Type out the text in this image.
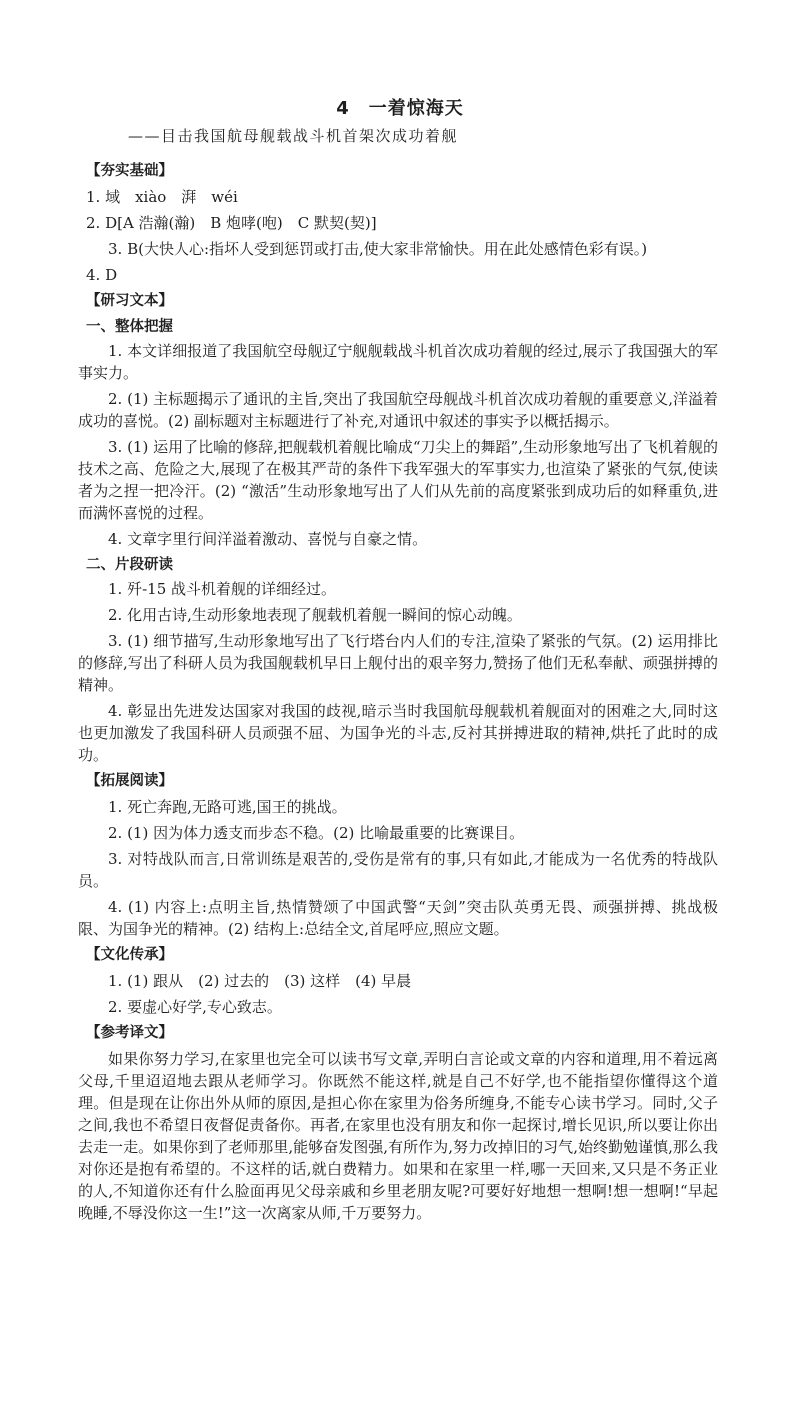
4　一着惊海天
——目击我国航母舰载战斗机首架次成功着舰
【夯实基础】
1. 域　xiào　湃　wéi
2. D[A 浩瀚(瀚)　B 炮哮(咆)　C 默契(契)]
3. B(大快人心:指坏人受到惩罚或打击,使大家非常愉快。用在此处感情色彩有误。)
4. D
【研习文本】
一、整体把握
1. 本文详细报道了我国航空母舰辽宁舰舰载战斗机首次成功着舰的经过,展示了我国强大的军事实力。
2. (1) 主标题揭示了通讯的主旨,突出了我国航空母舰战斗机首次成功着舰的重要意义,洋溢着成功的喜悦。(2) 副标题对主标题进行了补充,对通讯中叙述的事实予以概括揭示。
3. (1) 运用了比喻的修辞,把舰载机着舰比喻成“刀尖上的舞蹈”,生动形象地写出了飞机着舰的技术之高、危险之大,展现了在极其严苛的条件下我军强大的军事实力,也渲染了紧张的气氛,使读者为之捏一把冷汗。(2) “激活”生动形象地写出了人们从先前的高度紧张到成功后的如释重负,进而满怀喜悦的过程。
4. 文章字里行间洋溢着激动、喜悦与自豪之情。
二、片段研读
1. 歼-15 战斗机着舰的详细经过。
2. 化用古诗,生动形象地表现了舰载机着舰一瞬间的惊心动魄。
3. (1) 细节描写,生动形象地写出了飞行塔台内人们的专注,渲染了紧张的气氛。(2) 运用排比的修辞,写出了科研人员为我国舰载机早日上舰付出的艰辛努力,赞扬了他们无私奉献、顽强拼搏的精神。
4. 彰显出先进发达国家对我国的歧视,暗示当时我国航母舰载机着舰面对的困难之大,同时这也更加激发了我国科研人员顽强不屈、为国争光的斗志,反衬其拼搏进取的精神,烘托了此时的成功。
【拓展阅读】
1. 死亡奔跑,无路可逃,国王的挑战。
2. (1) 因为体力透支而步态不稳。(2) 比喻最重要的比赛课目。
3. 对特战队而言,日常训练是艰苦的,受伤是常有的事,只有如此,才能成为一名优秀的特战队员。
4. (1) 内容上:点明主旨,热情赞颂了中国武警“天剑”突击队英勇无畏、顽强拼搏、挑战极限、为国争光的精神。(2) 结构上:总结全文,首尾呼应,照应文题。
【文化传承】
1. (1) 跟从　(2) 过去的　(3) 这样　(4) 早晨
2. 要虚心好学,专心致志。
【参考译文】
如果你努力学习,在家里也完全可以读书写文章,弄明白言论或文章的内容和道理,用不着远离父母,千里迢迢地去跟从老师学习。你既然不能这样,就是自己不好学,也不能指望你懂得这个道理。但是现在让你出外从师的原因,是担心你在家里为俗务所缠身,不能专心读书学习。同时,父子之间,我也不希望日夜督促责备你。再者,在家里也没有朋友和你一起探讨,增长见识,所以要让你出去走一走。如果你到了老师那里,能够奋发图强,有所作为,努力改掉旧的习气,始终勤勉谨慎,那么我对你还是抱有希望的。不这样的话,就白费精力。如果和在家里一样,哪一天回来,又只是不务正业的人,不知道你还有什么脸面再见父母亲戚和乡里老朋友呢?可要好好地想一想啊!想一想啊!“早起晚睡,不辱没你这一生!”这一次离家从师,千万要努力。
